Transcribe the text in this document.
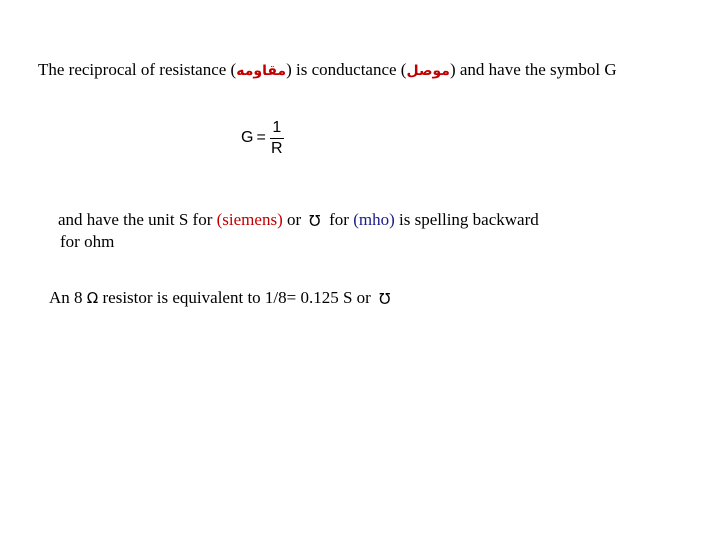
The reciprocal of resistance (مقاومه) is conductance (موصل) and have the symbol G
$G = \frac{1}{R}$
and have the unit S for (siemens) or Ω for (mho) is spelling backward
for ohm
An 8 Ω resistor is equivalent to 1/8= 0.125 S or Ω
